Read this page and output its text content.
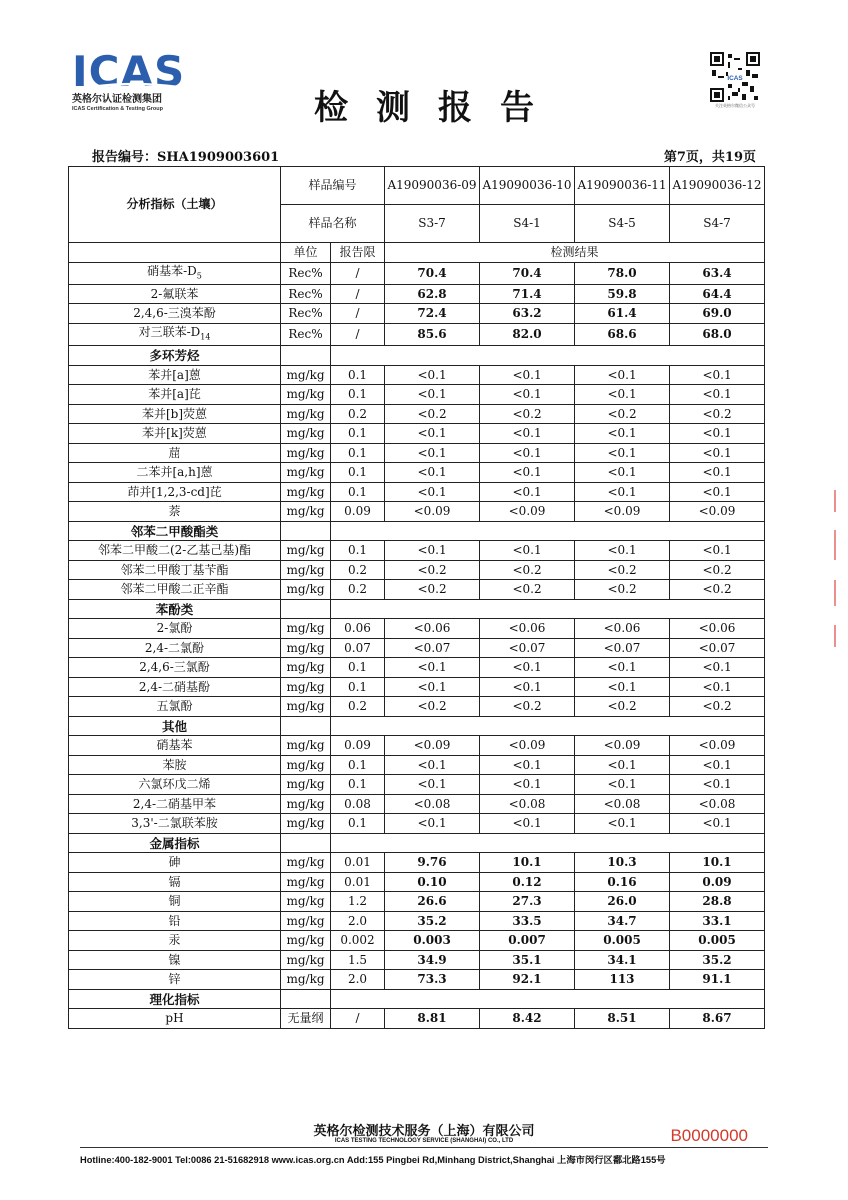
ICAS
英格尔认证检测集团
ICAS Certification & Testing Group	检测报告
ICAS
关注英格尔微信公众号
报告编号：SHA1909003601	第7页，共19页
分析指标（土壤）	样品编号		A19090036-09	A19090036-10	A19090036-11	A19090036-12
	样品名称		S3-7	S4-1	S4-5	S4-7
	单位	报告限	检测结果			
硝基苯$-D_5$	Rec%	/	70.4	70.4	78.0	63.4
2-氟联苯	Rec%	/	62.8	71.4	59.8	64.4
2,4,6-三溴苯酚	Rec%	/	72.4	63.2	61.4	69.0
对三联苯$-D_{14}$	Rec%	/	85.6	82.0	68.6	68.0
多环芳烃						
苯并[a]蒽	mg/kg	0.1	<0.1	<0.1	<0.1	<0.1
苯并[a]芘	mg/kg	0.1	<0.1	<0.1	<0.1	<0.1
苯并[b]荧蒽	mg/kg	0.2	<0.2	<0.2	<0.2	<0.2
苯并[k]荧蒽	mg/kg	0.1	<0.1	<0.1	<0.1	<0.1
䓛	mg/kg	0.1	<0.1	<0.1	<0.1	<0.1
二苯并[a,h]蒽	mg/kg	0.1	<0.1	<0.1	<0.1	<0.1
茚并[1,2,3-cd]芘	mg/kg	0.1	<0.1	<0.1	<0.1	<0.1
萘	mg/kg	0.09	<0.09	<0.09	<0.09	<0.09
邻苯二甲酸酯类						
邻苯二甲酸二(2-乙基己基)酯	mg/kg	0.1	<0.1	<0.1	<0.1	<0.1
邻苯二甲酸丁基苄酯	mg/kg	0.2	<0.2	<0.2	<0.2	<0.2
邻苯二甲酸二正辛酯	mg/kg	0.2	<0.2	<0.2	<0.2	<0.2
苯酚类						
2-氯酚	mg/kg	0.06	<0.06	<0.06	<0.06	<0.06
2,4-二氯酚	mg/kg	0.07	<0.07	<0.07	<0.07	<0.07
2,4,6-三氯酚	mg/kg	0.1	<0.1	<0.1	<0.1	<0.1
2,4-二硝基酚	mg/kg	0.1	<0.1	<0.1	<0.1	<0.1
五氯酚	mg/kg	0.2	<0.2	<0.2	<0.2	<0.2
其他						
硝基苯	mg/kg	0.09	<0.09	<0.09	<0.09	<0.09
苯胺	mg/kg	0.1	<0.1	<0.1	<0.1	<0.1
六氯环戊二烯	mg/kg	0.1	<0.1	<0.1	<0.1	<0.1
2,4-二硝基甲苯	mg/kg	0.08	<0.08	<0.08	<0.08	<0.08
3,3'-二氯联苯胺	mg/kg	0.1	<0.1	<0.1	<0.1	<0.1
金属指标						
砷	mg/kg	0.01	9.76	10.1	10.3	10.1
镉	mg/kg	0.01	0.10	0.12	0.16	0.09
铜	mg/kg	1.2	26.6	27.3	26.0	28.8
铅	mg/kg	2.0	35.2	33.5	34.7	33.1
汞	mg/kg	0.002	0.003	0.007	0.005	0.005
镍	mg/kg	1.5	34.9	35.1	34.1	35.2
锌	mg/kg	2.0	73.3	92.1	113	91.1
理化指标						
pH	无量纲	/	8.81	8.42	8.51	8.67
英格尔检测技术服务（上海）有限公司
ICAS TESTING TECHNOLOGY SERVICE (SHANGHAI) CO., LTD	B0000000
Hotline:400-182-9001 Tel:0086 21-51682918 www.icas.org.cn Add:155 Pingbei Rd,Minhang District,Shanghai 上海市闵行区鄱北路155号
